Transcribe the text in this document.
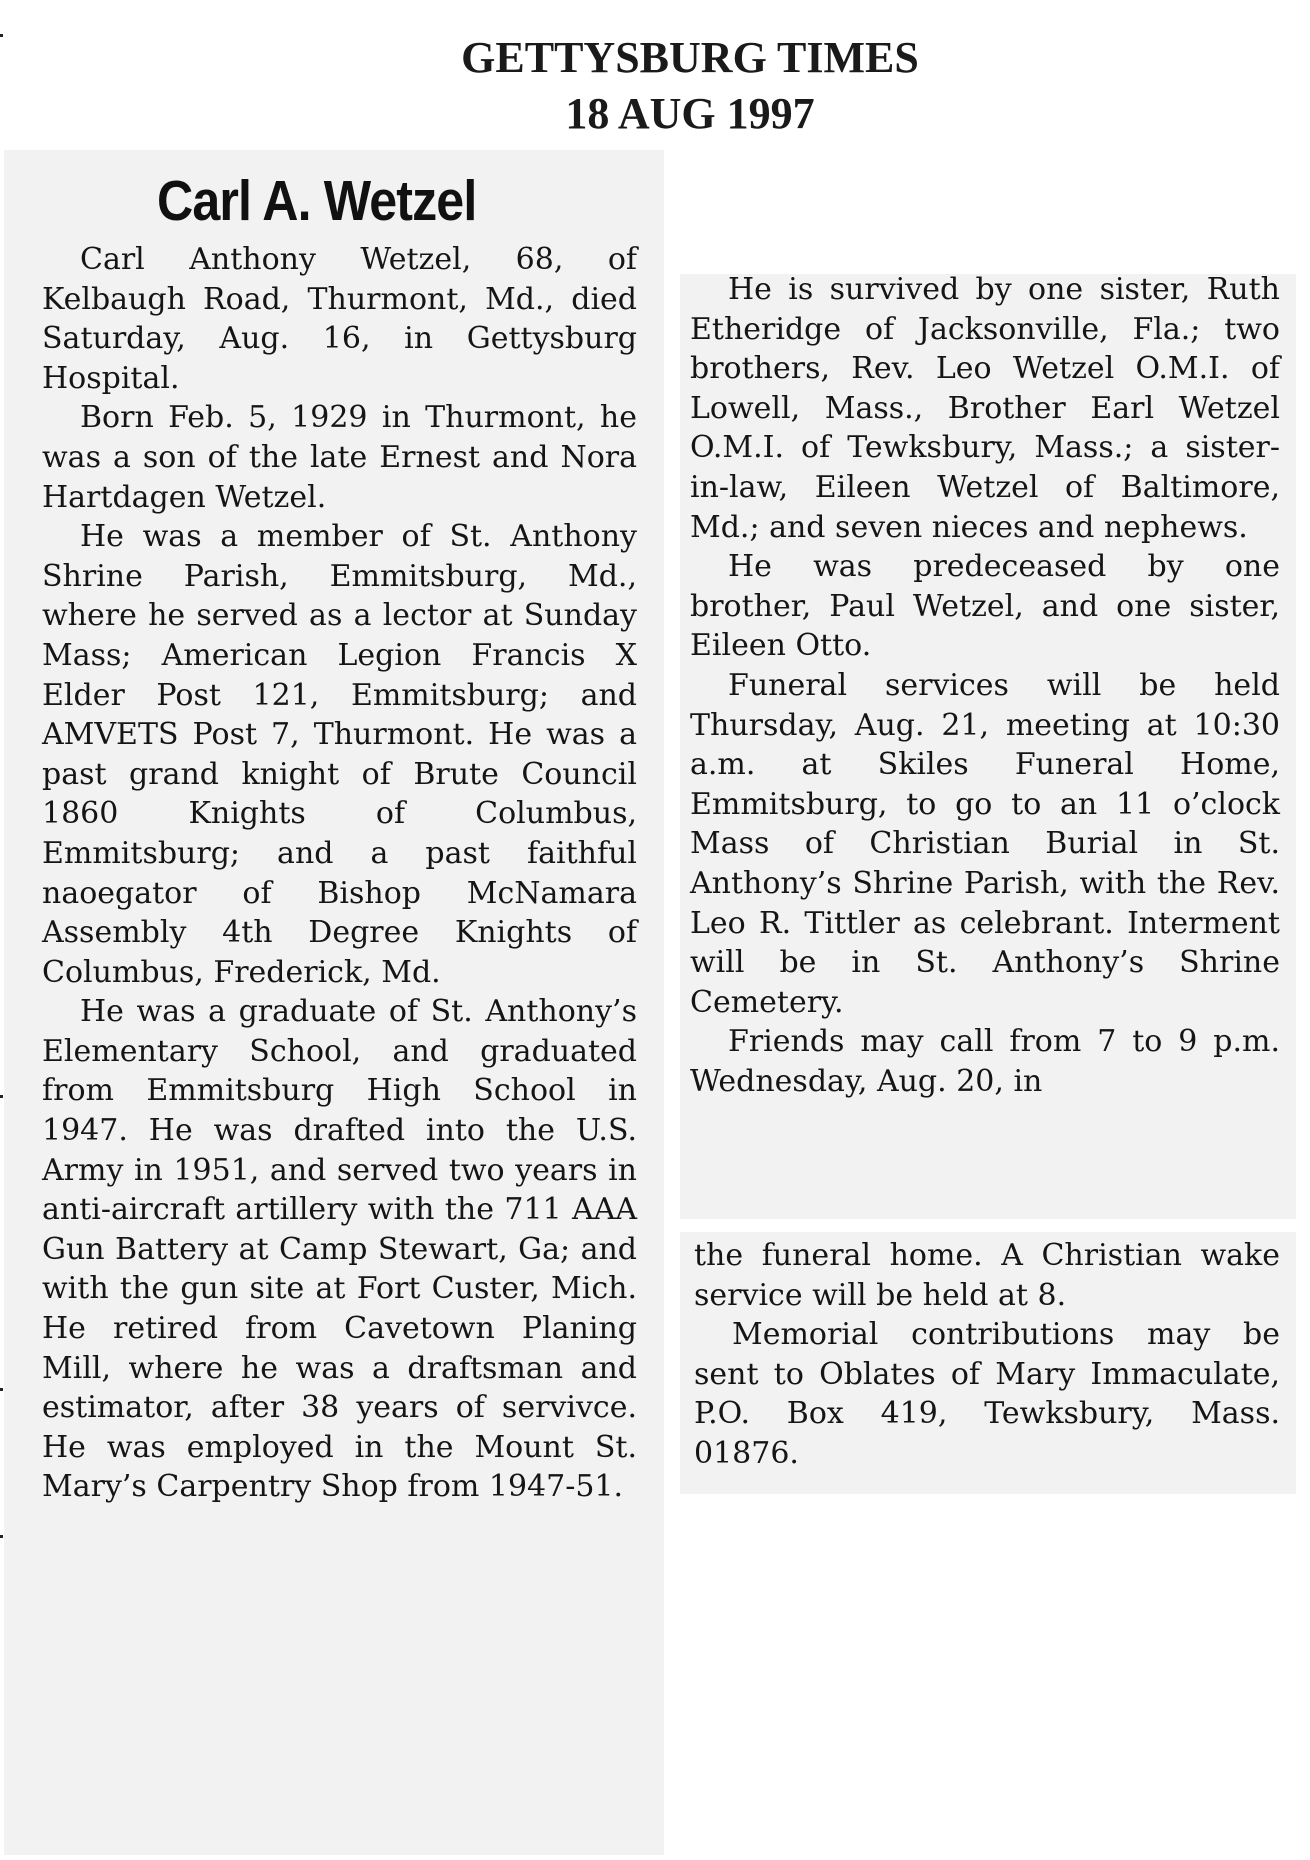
GETTYSBURG TIMES
18 AUG 1997
Carl A. Wetzel

Carl Anthony Wetzel, 68, of Kelbaugh Road, Thurmont, Md., died Saturday, Aug. 16, in Gettysburg Hospital.

Born Feb. 5, 1929 in Thurmont, he was a son of the late Ernest and Nora Hartdagen Wetzel.

He was a member of St. Anthony Shrine Parish, Emmitsburg, Md., where he served as a lector at Sunday Mass; American Legion Francis X Elder Post 121, Emmitsburg; and AMVETS Post 7, Thurmont. He was a past grand knight of Brute Council 1860 Knights of Columbus, Emmitsburg; and a past faithful naoegator of Bishop McNamara Assembly 4th Degree Knights of Columbus, Frederick, Md.

He was a graduate of St. Anthony’s Elementary School, and graduated from Emmitsburg High School in 1947. He was drafted into the U.S. Army in 1951, and served two years in anti-aircraft artillery with the 711 AAA Gun Battery at Camp Stewart, Ga; and with the gun site at Fort Custer, Mich. He retired from Cavetown Planing Mill, where he was a draftsman and estimator, after 38 years of servivce. He was employed in the Mount St. Mary’s Carpentry Shop from 1947-51.

He is survived by one sister, Ruth Etheridge of Jacksonville, Fla.; two brothers, Rev. Leo Wetzel O.M.I. of Lowell, Mass., Brother Earl Wetzel O.M.I. of Tewksbury, Mass.; a sister-in-law, Eileen Wetzel of Baltimore, Md.; and seven nieces and nephews.

He was predeceased by one brother, Paul Wetzel, and one sister, Eileen Otto.

Funeral services will be held Thursday, Aug. 21, meeting at 10:30 a.m. at Skiles Funeral Home, Emmitsburg, to go to an 11 o’clock Mass of Christian Burial in St. Anthony’s Shrine Parish, with the Rev. Leo R. Tittler as celebrant. Interment will be in St. Anthony’s Shrine Cemetery.

Friends may call from 7 to 9 p.m. Wednesday, Aug. 20, in

the funeral home. A Christian wake service will be held at 8.

Memorial contributions may be sent to Oblates of Mary Immaculate, P.O. Box 419, Tewksbury, Mass. 01876.
